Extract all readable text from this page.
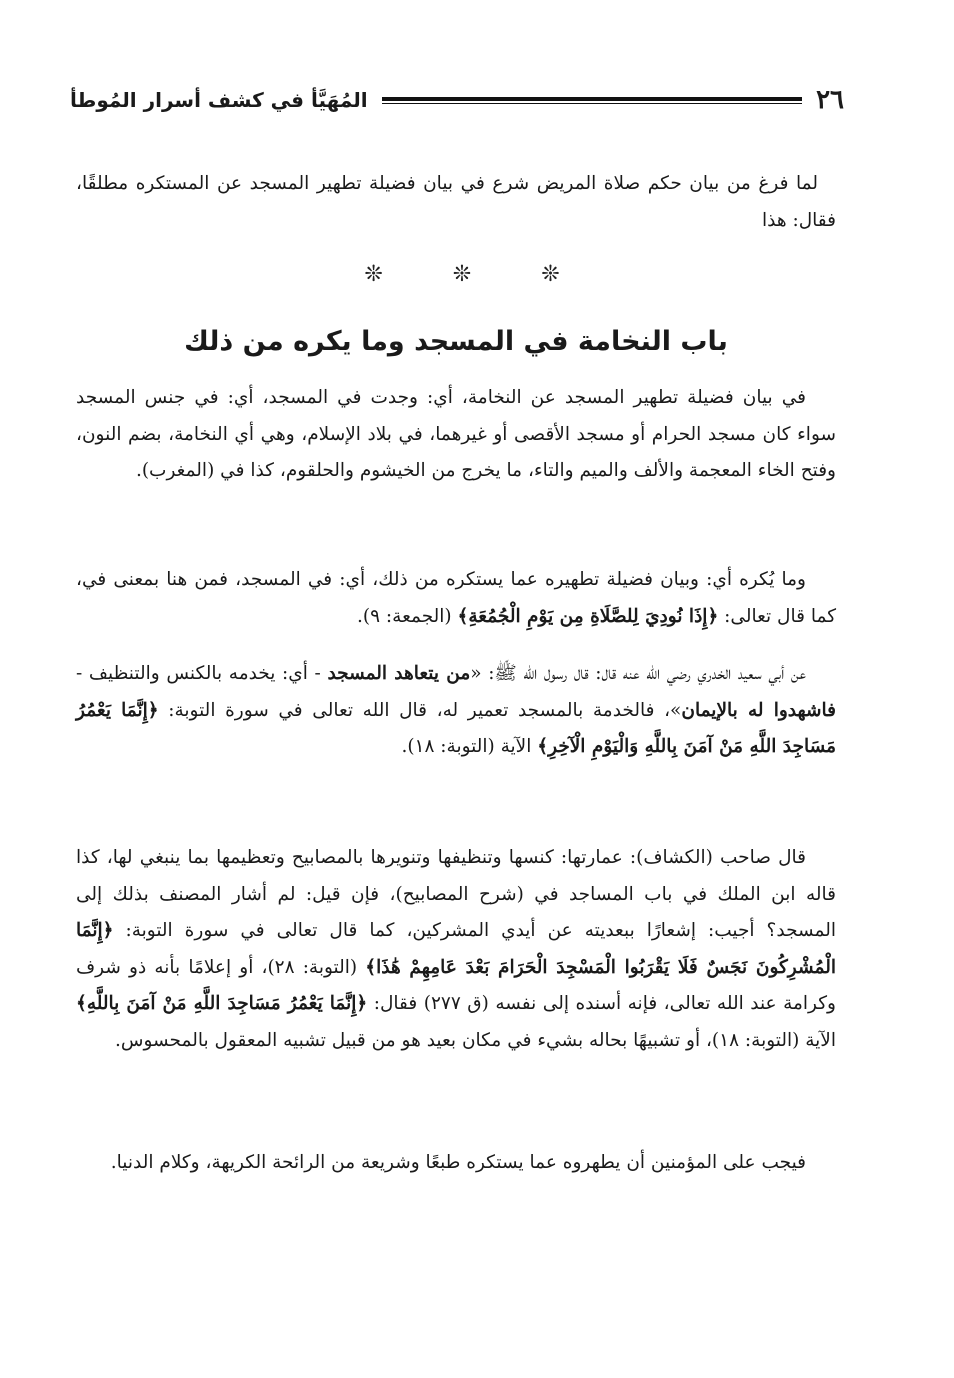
٢٦
المُهَيَّأ في كشف أسرار المُوطأ

لما فرغ من بيان حكم صلاة المريض شرع في بيان فضيلة تطهير المسجد عن المستكره مطلقًا، فقال: هذا

❊
❊
❊
باب النخامة في المسجد وما يكره من ذلك

في بيان فضيلة تطهير المسجد عن النخامة، أي: وجدت في المسجد، أي: في جنس المسجد سواء كان مسجد الحرام أو مسجد الأقصى أو غيرهما، في بلاد الإسلام، وهي أي النخامة، بضم النون، وفتح الخاء المعجمة والألف والميم والتاء، ما يخرج من الخيشوم والحلقوم، كذا في (المغرب).

وما يُكره أي: وبيان فضيلة تطهيره عما يستكره من ذلك، أي: في المسجد، فمن هنا بمعنى في، كما قال تعالى: ﴿إِذَا نُودِيَ لِلصَّلَاةِ مِن يَوْمِ الْجُمُعَةِ﴾ (الجمعة: ٩).

عن أبي سعيد الخدري رضي الله عنه قال: قال رسول الله ﷺ: «من يتعاهد المسجد - أي: يخدمه بالكنس والتنظيف - فاشهدوا له بالإيمان»، فالخدمة بالمسجد تعمير له، قال الله تعالى في سورة التوبة: ﴿إِنَّمَا يَعْمُرُ مَسَاجِدَ اللَّهِ مَنْ آمَنَ بِاللَّهِ وَالْيَوْمِ الْآخِرِ﴾ الآية (التوبة: ١٨).

قال صاحب (الكشاف): عمارتها: كنسها وتنظيفها وتنويرها بالمصابيح وتعظيمها بما ينبغي لها، كذا قاله ابن الملك في باب المساجد في (شرح المصابيح)، فإن قيل: لم أشار المصنف بذلك إلى المسجد؟ أجيب: إشعارًا ببعديته عن أيدي المشركين، كما قال تعالى في سورة التوبة: ﴿إِنَّمَا الْمُشْرِكُونَ نَجَسٌ فَلَا يَقْرَبُوا الْمَسْجِدَ الْحَرَامَ بَعْدَ عَامِهِمْ هَٰذَا﴾ (التوبة: ٢٨)، أو إعلامًا بأنه ذو شرف وكرامة عند الله تعالى، فإنه أسنده إلى نفسه (ق ٢٧٧) فقال: ﴿إِنَّمَا يَعْمُرُ مَسَاجِدَ اللَّهِ مَنْ آمَنَ بِاللَّهِ﴾ الآية (التوبة: ١٨)، أو تشبيهًا بحاله بشيء في مكان بعيد هو من قبيل تشبيه المعقول بالمحسوس.

فيجب على المؤمنين أن يطهروه عما يستكره طبعًا وشريعة من الرائحة الكريهة، وكلام الدنيا.
